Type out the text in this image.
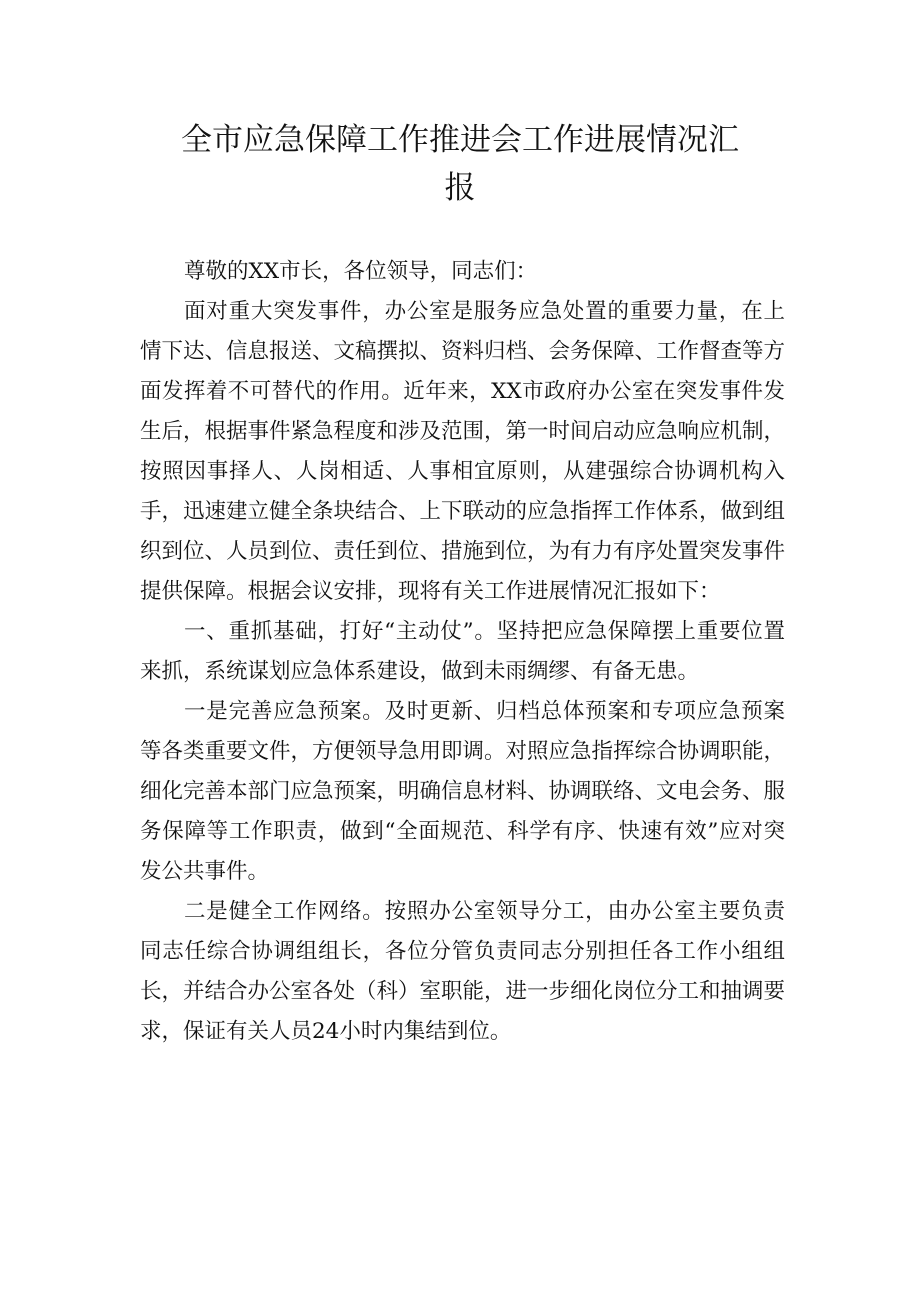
全市应急保障工作推进会工作进展情况汇
报

尊敬的XX市长，各位领导，同志们：

面对重大突发事件，办公室是服务应急处置的重要力量，在上情下达、信息报送、文稿撰拟、资料归档、会务保障、工作督查等方面发挥着不可替代的作用。近年来，XX市政府办公室在突发事件发生后，根据事件紧急程度和涉及范围，第一时间启动应急响应机制，按照因事择人、人岗相适、人事相宜原则，从建强综合协调机构入手，迅速建立健全条块结合、上下联动的应急指挥工作体系，做到组织到位、人员到位、责任到位、措施到位，为有力有序处置突发事件提供保障。根据会议安排，现将有关工作进展情况汇报如下：

一、重抓基础，打好“主动仗”。坚持把应急保障摆上重要位置来抓，系统谋划应急体系建设，做到未雨绸缪、有备无患。

一是完善应急预案。及时更新、归档总体预案和专项应急预案等各类重要文件，方便领导急用即调。对照应急指挥综合协调职能，细化完善本部门应急预案，明确信息材料、协调联络、文电会务、服务保障等工作职责，做到“全面规范、科学有序、快速有效”应对突发公共事件。

二是健全工作网络。按照办公室领导分工，由办公室主要负责同志任综合协调组组长，各位分管负责同志分别担任各工作小组组长，并结合办公室各处（科）室职能，进一步细化岗位分工和抽调要求，保证有关人员24小时内集结到位。
